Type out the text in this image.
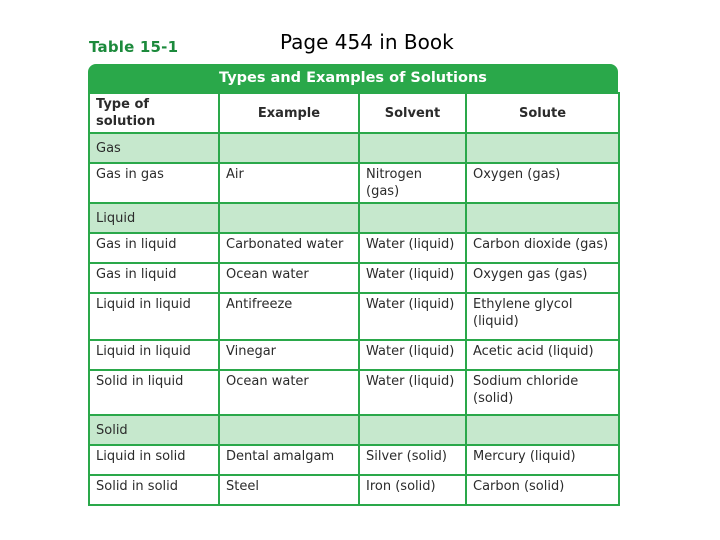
Table 15-1	Page 454 in Book
Types and Examples of Solutions
Type of solution	Example	Solvent	Solute
Gas			
Gas in gas	Air	Nitrogen (gas)	Oxygen (gas)
Liquid			
Gas in liquid	Carbonated water	Water (liquid)	Carbon dioxide (gas)
Gas in liquid	Ocean water	Water (liquid)	Oxygen gas (gas)
Liquid in liquid	Antifreeze	Water (liquid)	Ethylene glycol (liquid)
Liquid in liquid	Vinegar	Water (liquid)	Acetic acid (liquid)
Solid in liquid	Ocean water	Water (liquid)	Sodium chloride (solid)
Solid			
Liquid in solid	Dental amalgam	Silver (solid)	Mercury (liquid)
Solid in solid	Steel	Iron (solid)	Carbon (solid)
